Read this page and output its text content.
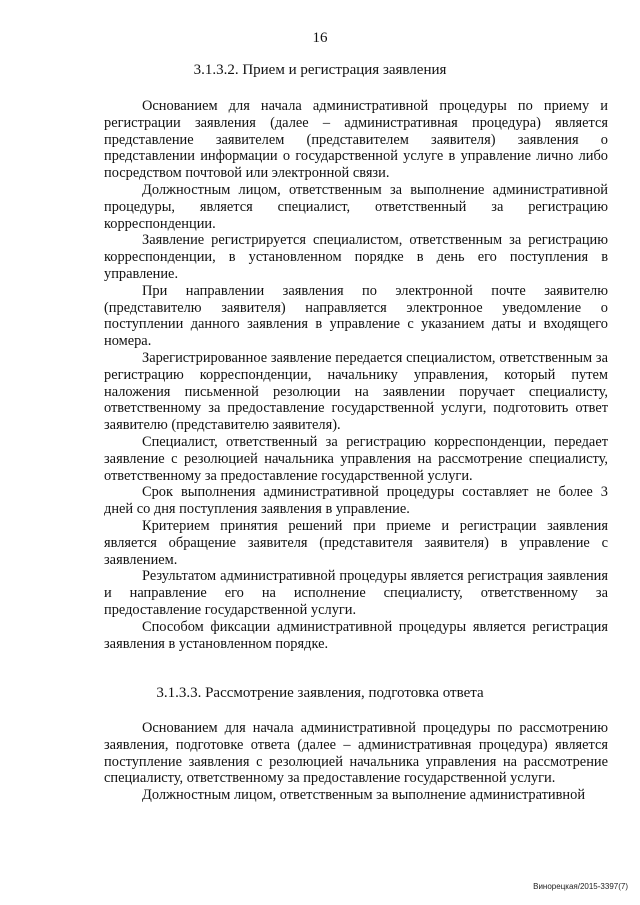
16
3.1.3.2. Прием и регистрация заявления

Основанием для начала административной процедуры по приему и регистрации заявления (далее – административная процедура) является представление заявителем (представителем заявителя) заявления о представлении информации о государственной услуге в управление лично либо посредством почтовой или электронной связи.

Должностным лицом, ответственным за выполнение административной процедуры, является специалист, ответственный за регистрацию корреспонденции.

Заявление регистрируется специалистом, ответственным за регистрацию корреспонденции, в установленном порядке в день его поступления в управление.

При направлении заявления по электронной почте заявителю (представителю заявителя) направляется электронное уведомление о поступлении данного заявления в управление с указанием даты и входящего номера.

Зарегистрированное заявление передается специалистом, ответственным за регистрацию корреспонденции, начальнику управления, который путем наложения письменной резолюции на заявлении поручает специалисту, ответственному за предоставление государственной услуги, подготовить ответ заявителю (представителю заявителя).

Специалист, ответственный за регистрацию корреспонденции, передает заявление с резолюцией начальника управления на рассмотрение специалисту, ответственному за предоставление государственной услуги.

Срок выполнения административной процедуры составляет не более 3 дней со дня поступления заявления в управление.

Критерием принятия решений при приеме и регистрации заявления является обращение заявителя (представителя заявителя) в управление с заявлением.

Результатом административной процедуры является регистрация заявления и направление его на исполнение специалисту, ответственному за предоставление государственной услуги.

Способом фиксации административной процедуры является регистрация заявления в установленном порядке.

3.1.3.3. Рассмотрение заявления, подготовка ответа

Основанием для начала административной процедуры по рассмотрению заявления, подготовке ответа (далее – административная процедура) является поступление заявления с резолюцией начальника управления на рассмотрение специалисту, ответственному за предоставление государственной услуги.

Должностным лицом, ответственным за выполнение административной

Винорецкая/2015-3397(7)
